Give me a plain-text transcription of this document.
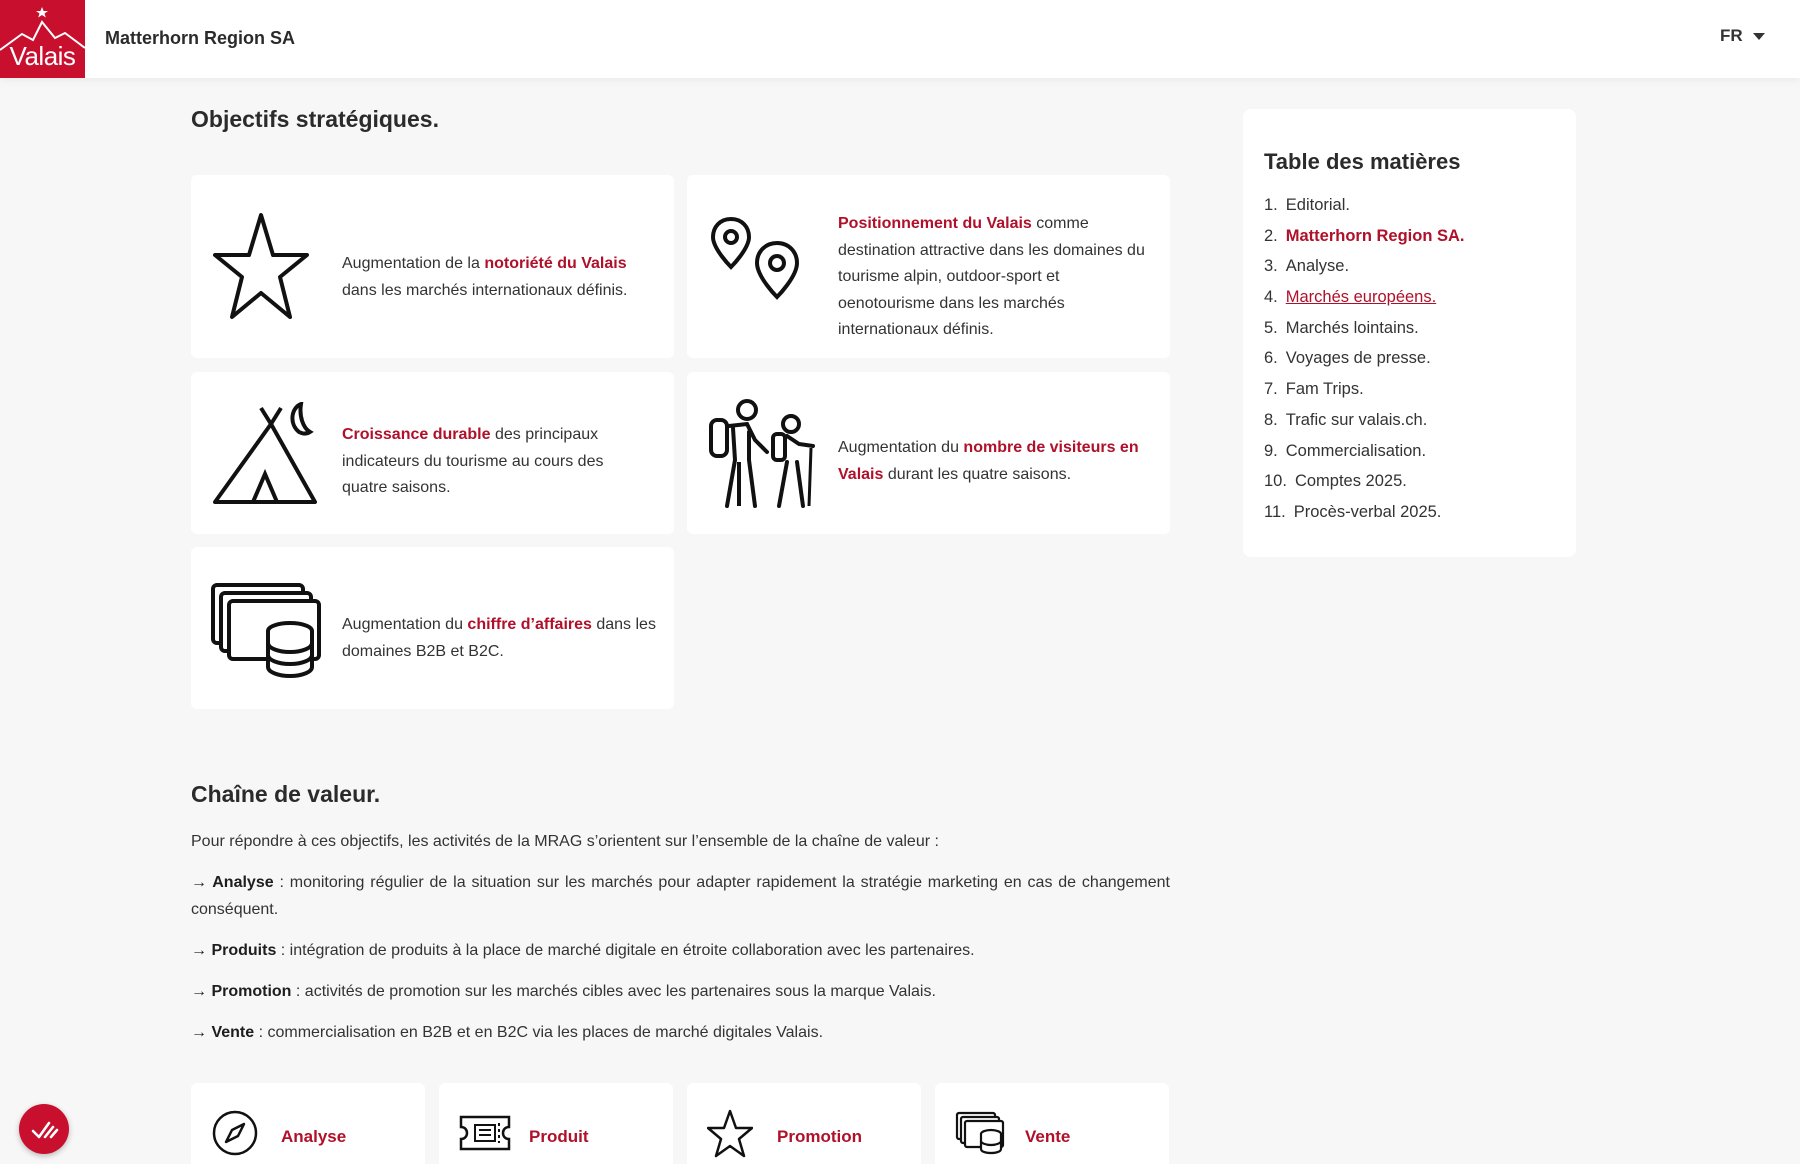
Valais
Matterhorn Region SA	FR
Objectifs stratégiques.
Augmentation de la notoriété du Valais dans les marchés internationaux définis.
Positionnement du Valais comme destination attractive dans les domaines du tourisme alpin, outdoor-sport et oenotourisme dans les marchés internationaux définis.
Croissance durable des principaux indicateurs du tourisme au cours des quatre saisons.
Augmentation du nombre de visiteurs en Valais durant les quatre saisons.
Augmentation du chiffre d’affaires dans les domaines B2B et B2C.
Chaîne de valeur.
Pour répondre à ces objectifs, les activités de la MRAG s’orientent sur l’ensemble de la chaîne de valeur :
→ Analyse : monitoring régulier de la situation sur les marchés pour adapter rapidement la stratégie marketing en cas de changement conséquent.
→ Produits : intégration de produits à la place de marché digitale en étroite collaboration avec les partenaires.
→ Promotion : activités de promotion sur les marchés cibles avec les partenaires sous la marque Valais.
→ Vente : commercialisation en B2B et en B2C via les places de marché digitales Valais.
Analyse	Produit	Promotion	Vente
Table des matières
1. Editorial.
2. Matterhorn Region SA.
3. Analyse.
4. Marchés européens.
5. Marchés lointains.
6. Voyages de presse.
7. Fam Trips.
8. Trafic sur valais.ch.
9. Commercialisation.
10. Comptes 2025.
11. Procès-verbal 2025.
